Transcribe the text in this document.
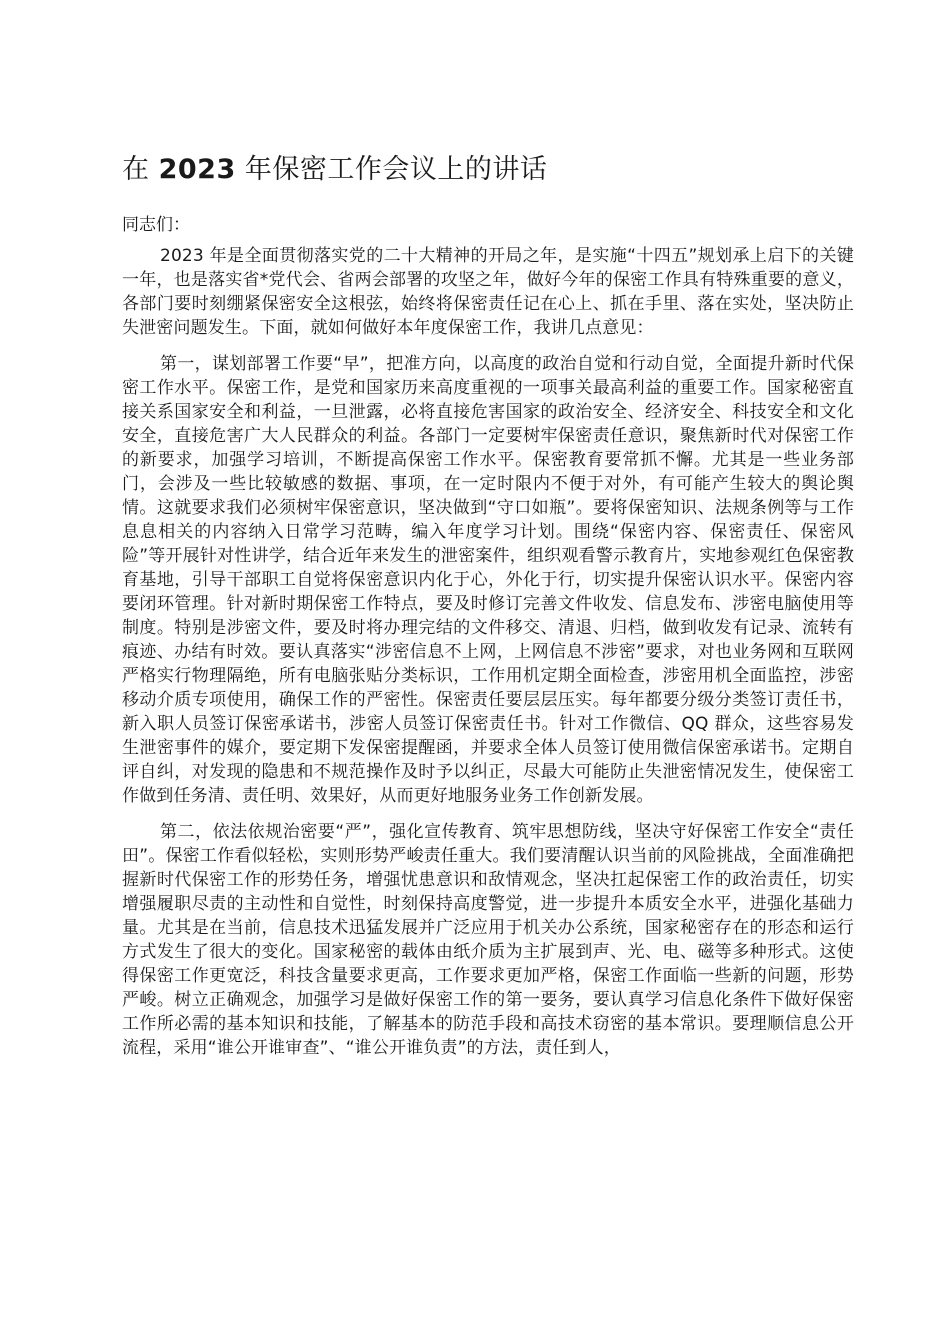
在 2023 年保密工作会议上的讲话

同志们：

2023 年是全面贯彻落实党的二十大精神的开局之年，是实施“十四五”规划承上启下的关键一年，也是落实省*党代会、省两会部署的攻坚之年，做好今年的保密工作具有特殊重要的意义，各部门要时刻绷紧保密安全这根弦，始终将保密责任记在心上、抓在手里、落在实处，坚决防止失泄密问题发生。下面，就如何做好本年度保密工作，我讲几点意见：

第一，谋划部署工作要“早”，把准方向，以高度的政治自觉和行动自觉，全面提升新时代保密工作水平。保密工作，是党和国家历来高度重视的一项事关最高利益的重要工作。国家秘密直接关系国家安全和利益，一旦泄露，必将直接危害国家的政治安全、经济安全、科技安全和文化安全，直接危害广大人民群众的利益。各部门一定要树牢保密责任意识，聚焦新时代对保密工作的新要求，加强学习培训，不断提高保密工作水平。保密教育要常抓不懈。尤其是一些业务部门，会涉及一些比较敏感的数据、事项，在一定时限内不便于对外，有可能产生较大的舆论舆情。这就要求我们必须树牢保密意识，坚决做到“守口如瓶”。要将保密知识、法规条例等与工作息息相关的内容纳入日常学习范畴，编入年度学习计划。围绕“保密内容、保密责任、保密风险”等开展针对性讲学，结合近年来发生的泄密案件，组织观看警示教育片，实地参观红色保密教育基地，引导干部职工自觉将保密意识内化于心，外化于行，切实提升保密认识水平。保密内容要闭环管理。针对新时期保密工作特点，要及时修订完善文件收发、信息发布、涉密电脑使用等制度。特别是涉密文件，要及时将办理完结的文件移交、清退、归档，做到收发有记录、流转有痕迹、办结有时效。要认真落实“涉密信息不上网，上网信息不涉密”要求，对也业务网和互联网严格实行物理隔绝，所有电脑张贴分类标识，工作用机定期全面检查，涉密用机全面监控，涉密移动介质专项使用，确保工作的严密性。保密责任要层层压实。每年都要分级分类签订责任书，新入职人员签订保密承诺书，涉密人员签订保密责任书。针对工作微信、QQ 群众，这些容易发生泄密事件的媒介，要定期下发保密提醒函，并要求全体人员签订使用微信保密承诺书。定期自评自纠，对发现的隐患和不规范操作及时予以纠正，尽最大可能防止失泄密情况发生，使保密工作做到任务清、责任明、效果好，从而更好地服务业务工作创新发展。

第二，依法依规治密要“严”，强化宣传教育、筑牢思想防线，坚决守好保密工作安全“责任田”。保密工作看似轻松，实则形势严峻责任重大。我们要清醒认识当前的风险挑战，全面准确把握新时代保密工作的形势任务，增强忧患意识和敌情观念，坚决扛起保密工作的政治责任，切实增强履职尽责的主动性和自觉性，时刻保持高度警觉，进一步提升本质安全水平，进强化基础力量。尤其是在当前，信息技术迅猛发展并广泛应用于机关办公系统，国家秘密存在的形态和运行方式发生了很大的变化。国家秘密的载体由纸介质为主扩展到声、光、电、磁等多种形式。这使得保密工作更宽泛，科技含量要求更高，工作要求更加严格，保密工作面临一些新的问题，形势严峻。树立正确观念，加强学习是做好保密工作的第一要务，要认真学习信息化条件下做好保密工作所必需的基本知识和技能，了解基本的防范手段和高技术窃密的基本常识。要理顺信息公开流程，采用“谁公开谁审查”、“谁公开谁负责”的方法，责任到人，
